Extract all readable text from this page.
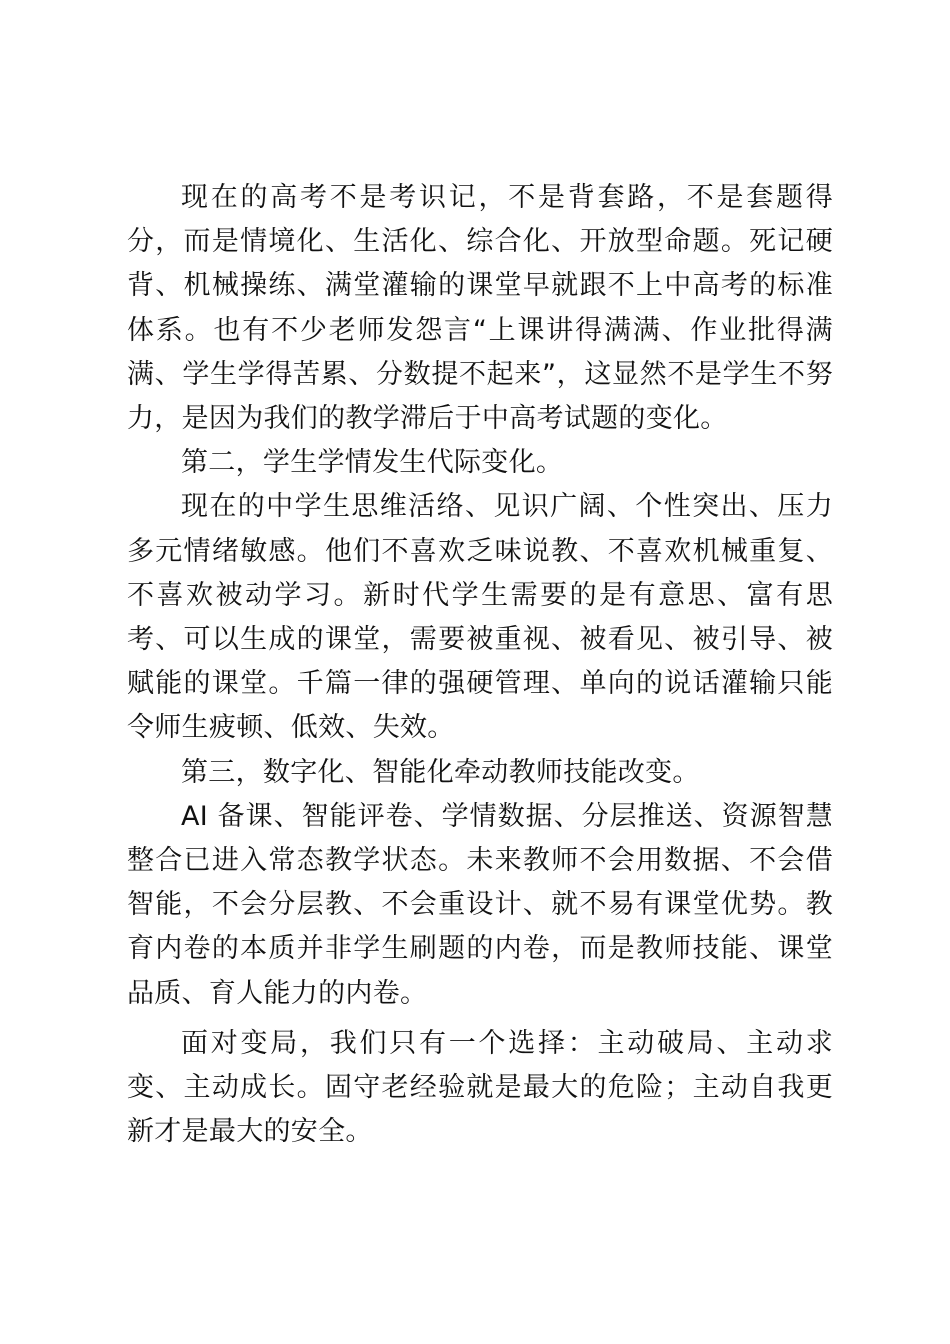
现在的高考不是考识记，不是背套路，不是套题得分，而是情境化、生活化、综合化、开放型命题。死记硬背、机械操练、满堂灌输的课堂早就跟不上中高考的标准体系。也有不少老师发怨言“上课讲得满满、作业批得满满、学生学得苦累、分数提不起来”，这显然不是学生不努力，是因为我们的教学滞后于中高考试题的变化。

第二，学生学情发生代际变化。

现在的中学生思维活络、见识广阔、个性突出、压力多元情绪敏感。他们不喜欢乏味说教、不喜欢机械重复、不喜欢被动学习。新时代学生需要的是有意思、富有思考、可以生成的课堂，需要被重视、被看见、被引导、被赋能的课堂。千篇一律的强硬管理、单向的说话灌输只能令师生疲顿、低效、失效。

第三，数字化、智能化牵动教师技能改变。

AI 备课、智能评卷、学情数据、分层推送、资源智慧整合已进入常态教学状态。未来教师不会用数据、不会借智能，不会分层教、不会重设计、就不易有课堂优势。教育内卷的本质并非学生刷题的内卷，而是教师技能、课堂品质、育人能力的内卷。

面对变局，我们只有一个选择：主动破局、主动求变、主动成长。固守老经验就是最大的危险；主动自我更新才是最大的安全。
